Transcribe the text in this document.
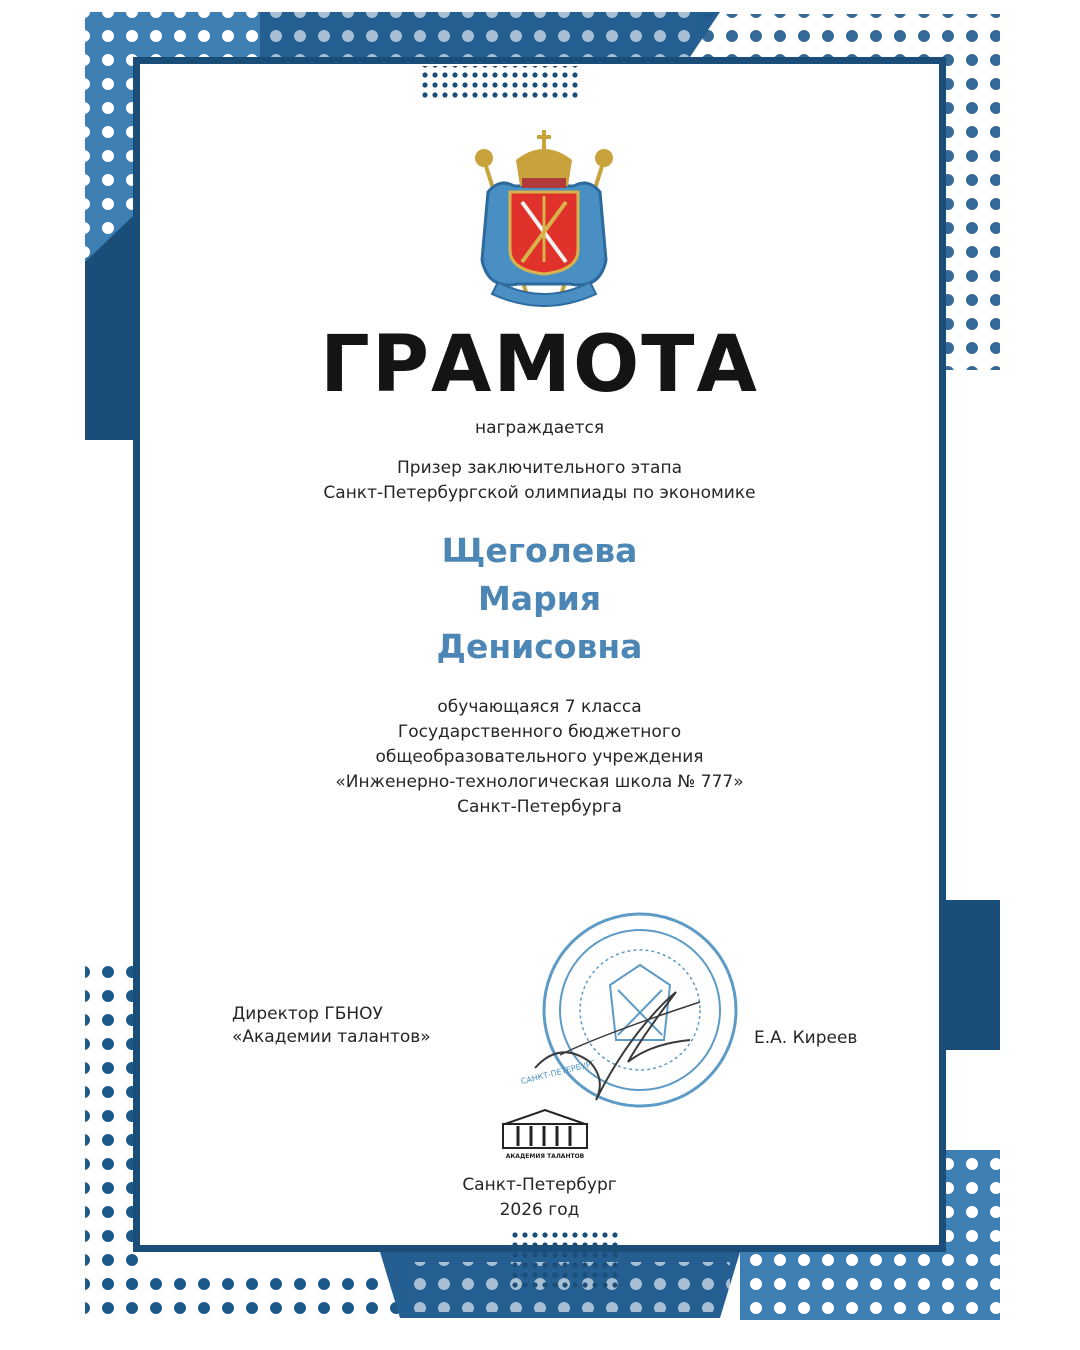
ГРАМОТА

награждается

Призер заключительного этапа

Санкт-Петербургской олимпиады по экономике

Щеголева

Мария

Денисовна

обучающаяся 7 класса

Государственного бюджетного

общеобразовательного учреждения

«Инженерно-технологическая школа № 777»

Санкт-Петербурга

Директор ГБНОУ

«Академии талантов»	Е.А. Киреев

САНКТ-ПЕТЕРБУРГ

АКАДЕМИЯ ТАЛАНТОВ

Санкт-Петербург

2026 год
